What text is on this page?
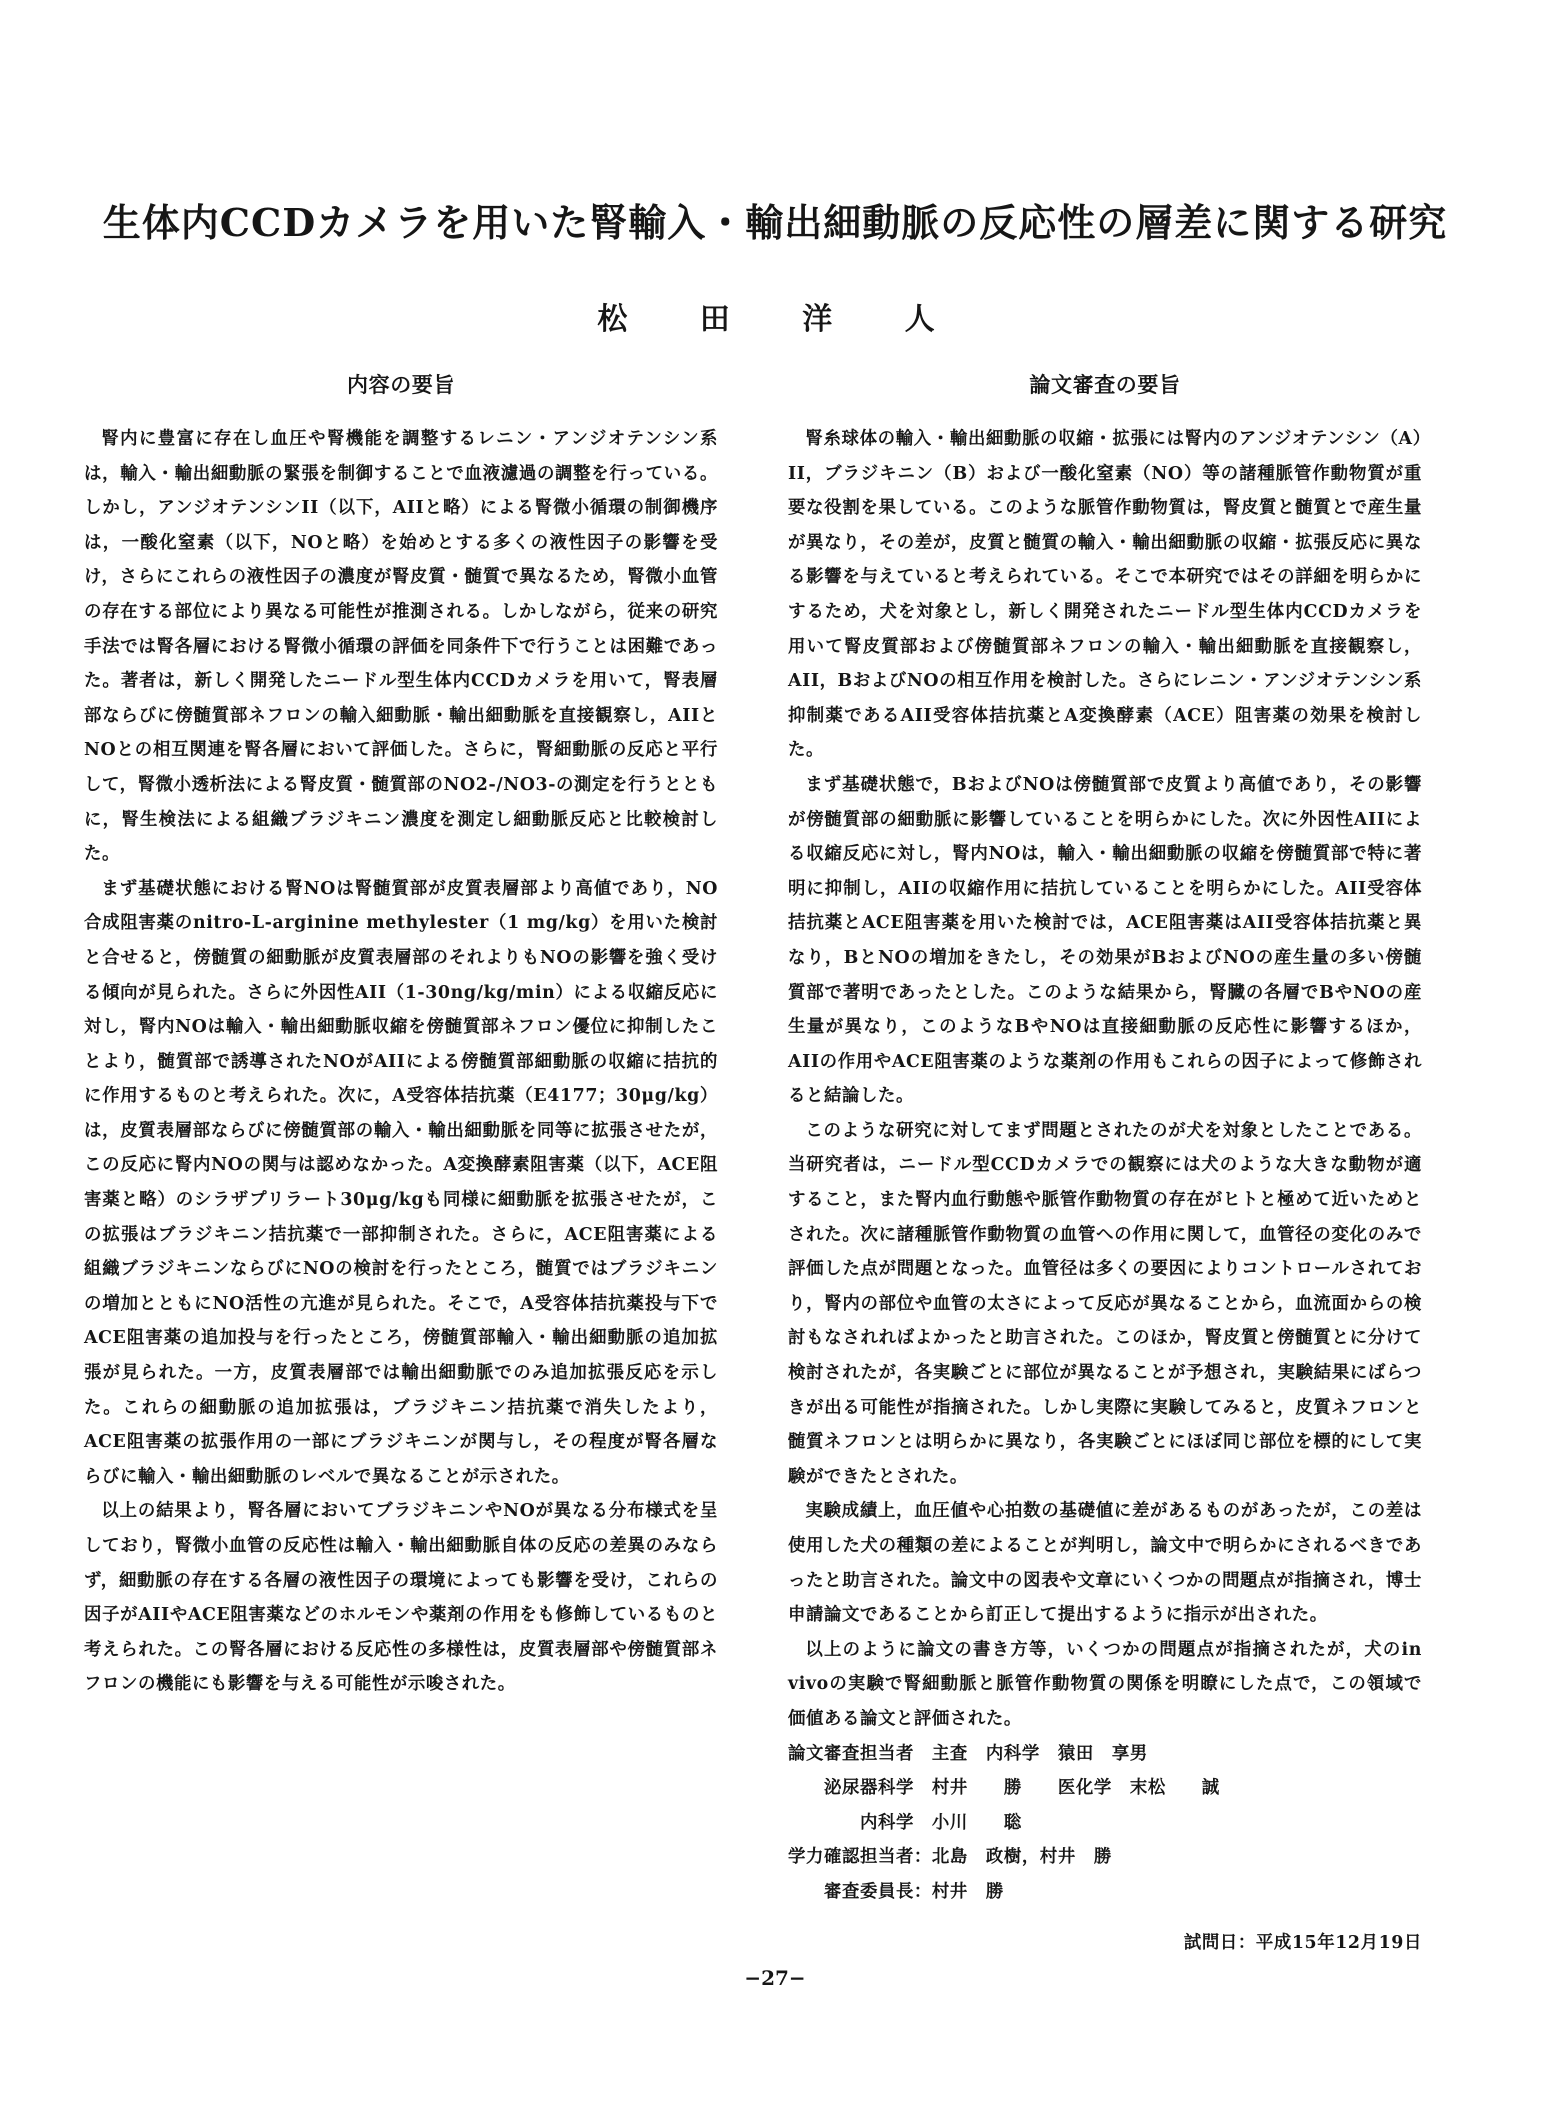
生体内CCDカメラを用いた腎輸入・輸出細動脈の反応性の層差に関する研究
松 田 洋 人
内容の要旨

腎内に豊富に存在し血圧や腎機能を調整するレニン・アンジオテンシン系は，輸入・輸出細動脈の緊張を制御することで血液濾過の調整を行っている。しかし，アンジオテンシンII（以下，AIIと略）による腎微小循環の制御機序は，一酸化窒素（以下，NOと略）を始めとする多くの液性因子の影響を受け，さらにこれらの液性因子の濃度が腎皮質・髄質で異なるため，腎微小血管の存在する部位により異なる可能性が推測される。しかしながら，従来の研究手法では腎各層における腎微小循環の評価を同条件下で行うことは困難であった。著者は，新しく開発したニードル型生体内CCDカメラを用いて，腎表層部ならびに傍髄質部ネフロンの輸入細動脈・輸出細動脈を直接観察し，AIIとNOとの相互関連を腎各層において評価した。さらに，腎細動脈の反応と平行して，腎微小透析法による腎皮質・髄質部のNO2-/NO3-の測定を行うとともに，腎生検法による組織ブラジキニン濃度を測定し細動脈反応と比較検討した。

まず基礎状態における腎NOは腎髄質部が皮質表層部より高値であり，NO合成阻害薬のnitro-L-arginine methylester（1 mg/kg）を用いた検討と合せると，傍髄質の細動脈が皮質表層部のそれよりもNOの影響を強く受ける傾向が見られた。さらに外因性AII（1-30ng/kg/min）による収縮反応に対し，腎内NOは輸入・輸出細動脈収縮を傍髄質部ネフロン優位に抑制したことより，髄質部で誘導されたNOがAIIによる傍髄質部細動脈の収縮に拮抗的に作用するものと考えられた。次に，A受容体拮抗薬（E4177；30μg/kg）は，皮質表層部ならびに傍髄質部の輸入・輸出細動脈を同等に拡張させたが，この反応に腎内NOの関与は認めなかった。A変換酵素阻害薬（以下，ACE阻害薬と略）のシラザプリラート30μg/kgも同様に細動脈を拡張させたが，この拡張はブラジキニン拮抗薬で一部抑制された。さらに，ACE阻害薬による組織ブラジキニンならびにNOの検討を行ったところ，髄質ではブラジキニンの増加とともにNO活性の亢進が見られた。そこで，A受容体拮抗薬投与下でACE阻害薬の追加投与を行ったところ，傍髄質部輸入・輸出細動脈の追加拡張が見られた。一方，皮質表層部では輸出細動脈でのみ追加拡張反応を示した。これらの細動脈の追加拡張は，ブラジキニン拮抗薬で消失したより，ACE阻害薬の拡張作用の一部にブラジキニンが関与し，その程度が腎各層ならびに輸入・輸出細動脈のレベルで異なることが示された。

以上の結果より，腎各層においてブラジキニンやNOが異なる分布様式を呈しており，腎微小血管の反応性は輸入・輸出細動脈自体の反応の差異のみならず，細動脈の存在する各層の液性因子の環境によっても影響を受け，これらの因子がAIIやACE阻害薬などのホルモンや薬剤の作用をも修飾しているものと考えられた。この腎各層における反応性の多様性は，皮質表層部や傍髄質部ネフロンの機能にも影響を与える可能性が示唆された。

論文審査の要旨

腎糸球体の輸入・輸出細動脈の収縮・拡張には腎内のアンジオテンシン（A）II，ブラジキニン（B）および一酸化窒素（NO）等の諸種脈管作動物質が重要な役割を果している。このような脈管作動物質は，腎皮質と髄質とで産生量が異なり，その差が，皮質と髄質の輸入・輸出細動脈の収縮・拡張反応に異なる影響を与えていると考えられている。そこで本研究ではその詳細を明らかにするため，犬を対象とし，新しく開発されたニードル型生体内CCDカメラを用いて腎皮質部および傍髄質部ネフロンの輸入・輸出細動脈を直接観察し，AII，BおよびNOの相互作用を検討した。さらにレニン・アンジオテンシン系抑制薬であるAII受容体拮抗薬とA変換酵素（ACE）阻害薬の効果を検討した。

まず基礎状態で，BおよびNOは傍髄質部で皮質より高値であり，その影響が傍髄質部の細動脈に影響していることを明らかにした。次に外因性AIIによる収縮反応に対し，腎内NOは，輸入・輸出細動脈の収縮を傍髄質部で特に著明に抑制し，AIIの収縮作用に拮抗していることを明らかにした。AII受容体拮抗薬とACE阻害薬を用いた検討では，ACE阻害薬はAII受容体拮抗薬と異なり，BとNOの増加をきたし，その効果がBおよびNOの産生量の多い傍髄質部で著明であったとした。このような結果から，腎臓の各層でBやNOの産生量が異なり，このようなBやNOは直接細動脈の反応性に影響するほか，AIIの作用やACE阻害薬のような薬剤の作用もこれらの因子によって修飾されると結論した。

このような研究に対してまず問題とされたのが犬を対象としたことである。当研究者は，ニードル型CCDカメラでの観察には犬のような大きな動物が適すること，また腎内血行動態や脈管作動物質の存在がヒトと極めて近いためとされた。次に諸種脈管作動物質の血管への作用に関して，血管径の変化のみで評価した点が問題となった。血管径は多くの要因によりコントロールされており，腎内の部位や血管の太さによって反応が異なることから，血流面からの検討もなされればよかったと助言された。このほか，腎皮質と傍髄質とに分けて検討されたが，各実験ごとに部位が異なることが予想され，実験結果にばらつきが出る可能性が指摘された。しかし実際に実験してみると，皮質ネフロンと髄質ネフロンとは明らかに異なり，各実験ごとにほぼ同じ部位を標的にして実験ができたとされた。

実験成績上，血圧値や心拍数の基礎値に差があるものがあったが，この差は使用した犬の種類の差によることが判明し，論文中で明らかにされるべきであったと助言された。論文中の図表や文章にいくつかの問題点が指摘され，博士申請論文であることから訂正して提出するように指示が出された。

以上のように論文の書き方等，いくつかの問題点が指摘されたが，犬のin vivoの実験で腎細動脈と脈管作動物質の関係を明瞭にした点で，この領域で価値ある論文と評価された。

論文審査担当者　主査　内科学　猿田　享男
　　泌尿器科学　村井　　勝　　医化学　末松　　誠
　　　　内科学　小川　　聡
学力確認担当者：北島　政樹，村井　勝
　　審査委員長：村井　勝
試問日：平成15年12月19日
−27−
